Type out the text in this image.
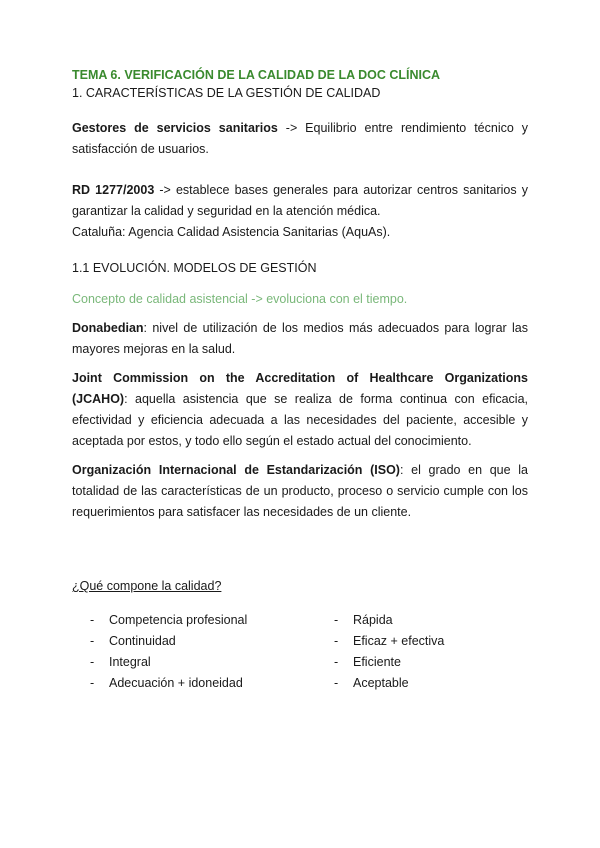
TEMA 6. VERIFICACIÓN DE LA CALIDAD DE LA DOC CLÍNICA
1. CARACTERÍSTICAS DE LA GESTIÓN DE CALIDAD

Gestores de servicios sanitarios -> Equilibrio entre rendimiento técnico y satisfacción de usuarios.

RD 1277/2003 -> establece bases generales para autorizar centros sanitarios y garantizar la calidad y seguridad en la atención médica.

Cataluña: Agencia Calidad Asistencia Sanitarias (AquAs).

1.1 EVOLUCIÓN. MODELOS DE GESTIÓN

Concepto de calidad asistencial -> evoluciona con el tiempo.

Donabedian: nivel de utilización de los medios más adecuados para lograr las mayores mejoras en la salud.

Joint Commission on the Accreditation of Healthcare Organizations (JCAHO): aquella asistencia que se realiza de forma continua con eficacia, efectividad y eficiencia adecuada a las necesidades del paciente, accesible y aceptada por estos, y todo ello según el estado actual del conocimiento.

Organización Internacional de Estandarización (ISO): el grado en que la totalidad de las características de un producto, proceso o servicio cumple con los requerimientos para satisfacer las necesidades de un cliente.

¿Qué compone la calidad?
- Competencia profesional
- Continuidad
- Integral
- Adecuación + idoneidad
- Rápida
- Eficaz + efectiva
- Eficiente
- Aceptable
